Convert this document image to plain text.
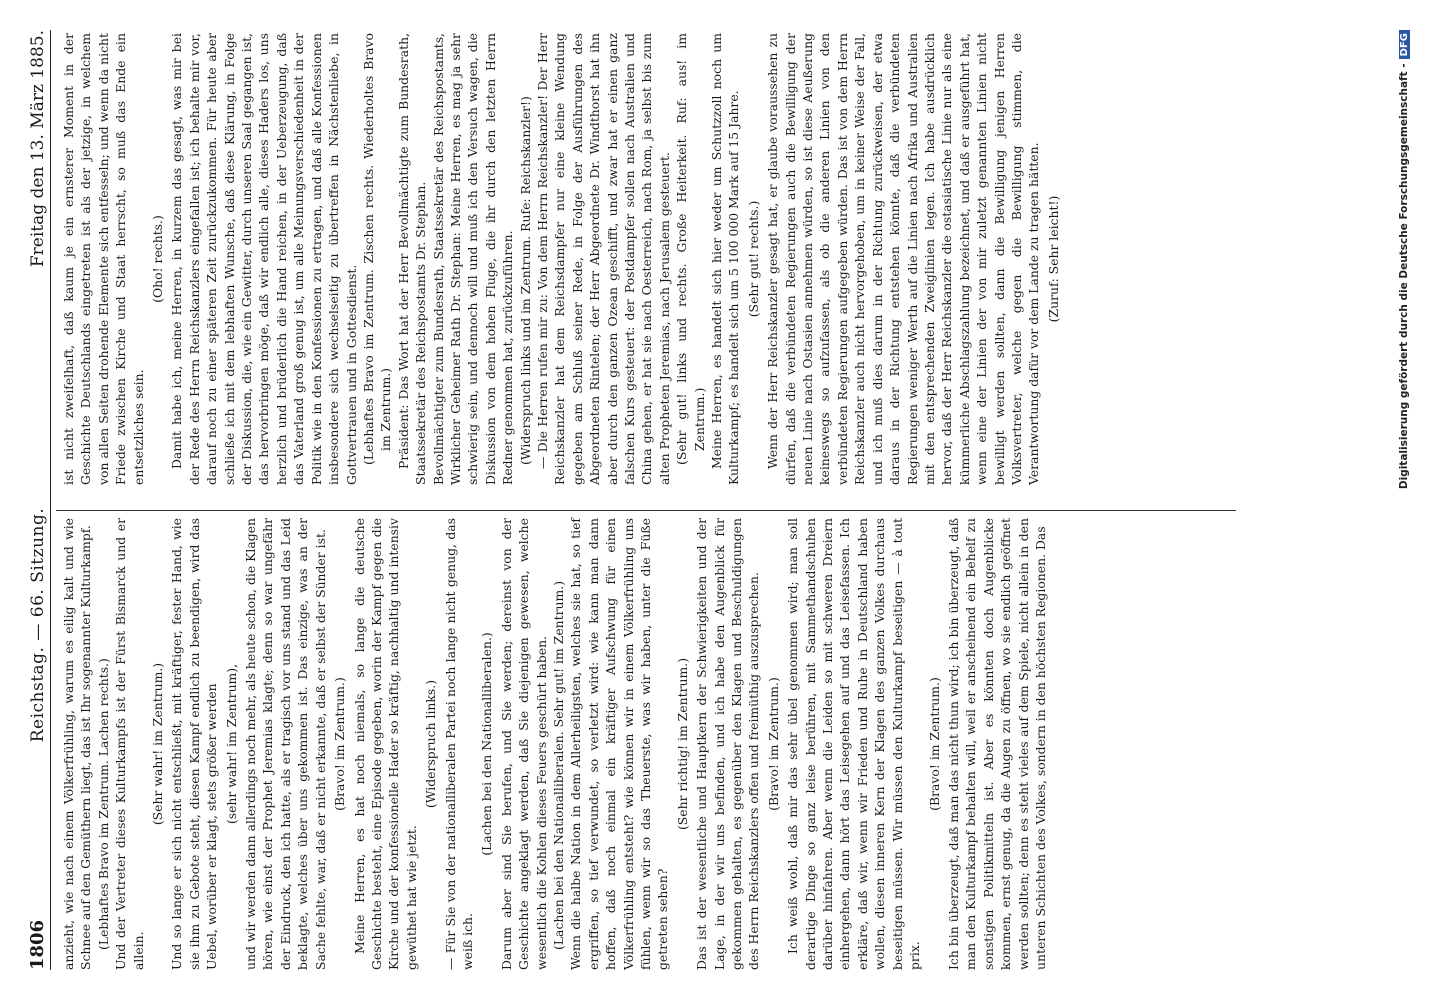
1806
Reichstag. — 66. Sitzung.
Freitag den 13. März 1885.

anzieht, wie nach einem Völkerfrühling, warum es eilig kalt und wie Schnee auf den Gemüthern liegt, das ist Ihr sogenannter Kulturkampf. (Lebhaftes Bravo im Zentrum. Lachen rechts.) Und der Vertreter dieses Kulturkampfs ist der Fürst Bismarck und er allein.

(Sehr wahr! im Zentrum.) Und so lange er sich nicht entschließt, mit kräftiger, fester Hand, wie sie ihm zu Gebote steht, diesen Kampf endlich zu beendigen, wird das Uebel, worüber er klagt, stets größer werden (sehr wahr! im Zentrum), und wir werden dann allerdings noch mehr, als heute schon, die Klagen hören, wie einst der Prophet Jeremias klagte; denn so war ungefähr der Eindruck, den ich hatte, als er tragisch vor uns stand und das Leid beklagte, welches über uns gekommen ist. Das einzige, was an der Sache fehlte, war, daß er nicht erkannte, daß er selbst der Sünder ist. (Bravo! im Zentrum.) Meine Herren, es hat noch niemals, so lange die deutsche Geschichte besteht, eine Episode gegeben, worin der Kampf gegen die Kirche und der konfessionelle Hader so kräftig, nachhaltig und intensiv gewüthet hat wie jetzt.

(Widerspruch links.) — Für Sie von der nationalliberalen Partei noch lange nicht genug, das weiß ich.

(Lachen bei den Nationalliberalen.) Darum aber sind Sie berufen, und Sie werden; dereinst von der Geschichte angeklagt werden, daß Sie diejenigen gewesen, welche wesentlich die Kohlen dieses Feuers geschürt haben. (Lachen bei den Nationalliberalen. Sehr gut! im Zentrum.) Wenn die halbe Nation in dem Allerheiligsten, welches sie hat, so tief ergriffen, so tief verwundet, so verletzt wird: wie kann man dann hoffen, daß noch einmal ein kräftiger Aufschwung für einen Völkerfrühling entsteht? wie können wir in einem Völkerfrühling uns fühlen, wenn wir so das Theuerste, was wir haben, unter die Füße getreten sehen?

(Sehr richtig! im Zentrum.) Das ist der wesentliche und Hauptkern der Schwierigkeiten und der Lage, in der wir uns befinden, und ich habe den Augenblick für gekommen gehalten, es gegenüber den Klagen und Beschuldigungen des Herrn Reichskanzlers offen und freimüthig auszusprechen. (Bravo! im Zentrum.) Ich weiß wohl, daß mir das sehr übel genommen wird; man soll derartige Dinge so ganz leise berühren, mit Sammethandschuhen darüber hinfahren. Aber wenn die Leiden so mit schweren Dreiern einhergehen, dann hört das Leisegehen auf und das Leisefassen. Ich erkläre, daß wir, wenn wir Frieden und Ruhe in Deutschland haben wollen, diesen inneren Kern der Klagen des ganzen Volkes durchaus beseitigen müssen. Wir müssen den Kulturkampf beseitigen — à tout prix.

(Bravo! im Zentrum.) Ich bin überzeugt, daß man das nicht thun wird; ich bin überzeugt, daß man den Kulturkampf behalten will, weil er anscheinend ein Behelf zu sonstigen Politikmitteln ist. Aber es könnten doch Augenblicke kommen, ernst genug, da die Augen zu öffnen, wo sie endlich geöffnet werden sollten; denn es steht vieles auf dem Spiele, nicht allein in den unteren Schichten des Volkes, sondern in den höchsten Regionen. Das

ist nicht zweifelhaft, daß kaum je ein ernsterer Moment in der Geschichte Deutschlands eingetreten ist als der jetzige, in welchem von allen Seiten drohende Elemente sich entfesseln; und wenn da nicht Friede zwischen Kirche und Staat herrscht, so muß das Ende ein entsetzliches sein.

(Oho! rechts.) Damit habe ich, meine Herren, in kurzem das gesagt, was mir bei der Rede des Herrn Reichskanzlers eingefallen ist; ich behalte mir vor, darauf noch zu einer späteren Zeit zurückzukommen. Für heute aber schließe ich mit dem lebhaften Wunsche, daß diese Klärung, in Folge der Diskussion, die, wie ein Gewitter, durch unseren Saal gegangen ist, das hervorbringen möge, daß wir endlich alle, dieses Haders los, uns herzlich und brüderlich die Hand reichen, in der Ueberzeugung, daß das Vaterland groß genug ist, um alle Meinungsverschiedenheit in der Politik wie in den Konfessionen zu ertragen, und daß alle Konfessionen insbesondere sich wechselseitig zu übertreffen in Nächstenliebe, in Gottvertrauen und in Gottesdienst. (Lebhaftes Bravo im Zentrum. Zischen rechts. Wiederholtes Bravo im Zentrum.) Präsident: Das Wort hat der Herr Bevollmächtigte zum Bundesrath, Staatssekretär des Reichspostamts Dr. Stephan. Bevollmächtigter zum Bundesrath, Staatssekretär des Reichspostamts, Wirklicher Geheimer Rath Dr. Stephan: Meine Herren, es mag ja sehr schwierig sein, und dennoch will und muß ich den Versuch wagen, die Diskussion von dem hohen Fluge, die ihr durch den letzten Herrn Redner genommen hat, zurückzuführen. (Widerspruch links und im Zentrum. Rufe: Reichskanzler!) — Die Herren rufen mir zu: Von dem Herrn Reichskanzler! Der Herr Reichskanzler hat dem Reichsdampfer nur eine kleine Wendung gegeben am Schluß seiner Rede, in Folge der Ausführungen des Abgeordneten Rintelen; der Herr Abgeordnete Dr. Windthorst hat ihn aber durch den ganzen Ozean geschifft, und zwar hat er einen ganz falschen Kurs gesteuert: der Postdampfer sollen nach Australien und China gehen, er hat sie nach Oesterreich, nach Rom, ja selbst bis zum alten Propheten Jeremias, nach Jerusalem gesteuert. (Sehr gut! links und rechts. Große Heiterkeit. Ruf: aus! im Zentrum.) Meine Herren, es handelt sich hier weder um Schutzzoll noch um Kulturkampf; es handelt sich um 5 100 000 Mark auf 15 Jahre. (Sehr gut! rechts.) Wenn der Herr Reichskanzler gesagt hat, er glaube voraussehen zu dürfen, daß die verbündeten Regierungen auch die Bewilligung der neuen Linie nach Ostasien annehmen würden, so ist diese Aeußerung keineswegs so aufzufassen, als ob die anderen Linien von den verbündeten Regierungen aufgegeben würden. Das ist von dem Herrn Reichskanzler auch nicht hervorgehoben, um in keiner Weise der Fall, und ich muß dies darum in der Richtung zurückweisen, der etwa daraus in der Richtung entstehen könnte, daß die verbündeten Regierungen weniger Werth auf die Linien nach Afrika und Australien mit den entsprechenden Zweiglinien legen. Ich habe ausdrücklich hervor, daß der Herr Reichskanzler die ostasiatische Linie nur als eine kümmerliche Abschlagszahlung bezeichnet, und daß er ausgeführt hat, wenn eine der Linien der von mir zuletzt genannten Linien nicht bewilligt werden sollten, dann die Bewilligung jenigen Herren Volksvertreter, welche gegen die Bewilligung stimmen, die Verantwortung dafür vor dem Lande zu tragen hätten. (Zuruf: Sehr leicht!)	Digitalisierung gefördert durch die Deutsche Forschungsgemeinschaft -DFG
